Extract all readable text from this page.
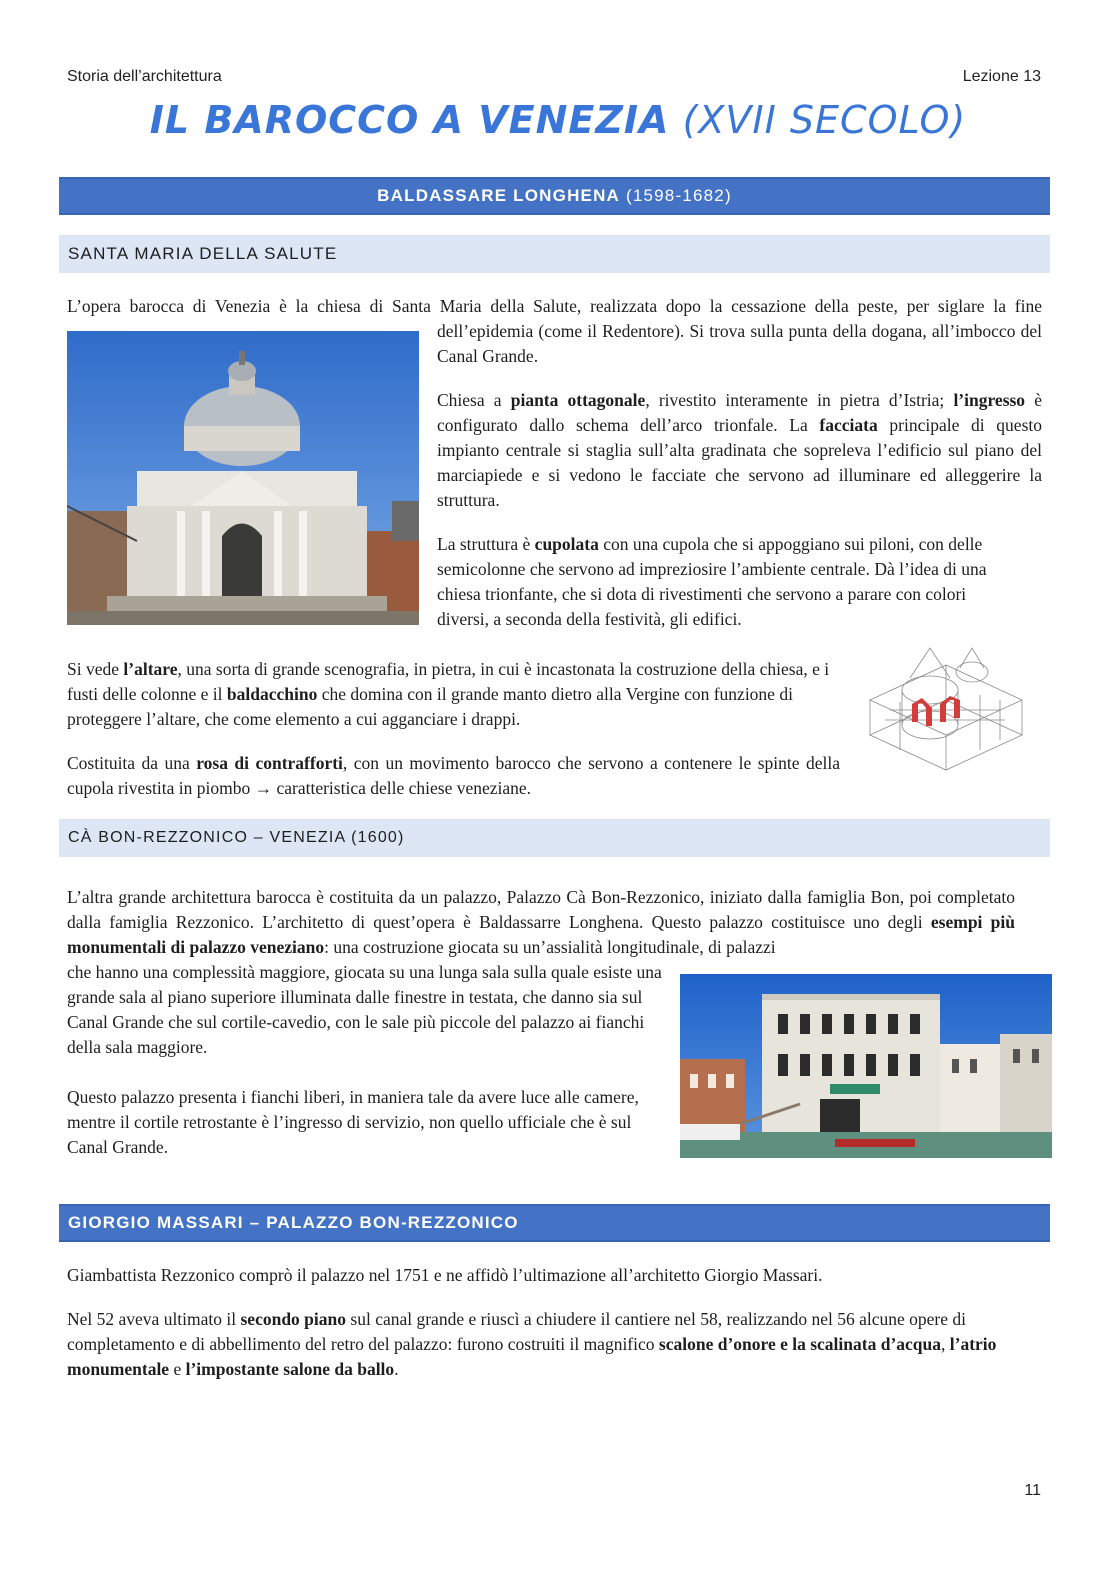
Storia dell’architettura	Lezione 13
IL BAROCCO A VENEZIA (XVII SECOLO)
BALDASSARE LONGHENA (1598-1682)
SANTA MARIA DELLA SALUTE
L’opera barocca di Venezia è la chiesa di Santa Maria della Salute, realizzata dopo la cessazione della peste, per siglare la fine
dell’epidemia (come il Redentore). Si trova sulla punta della dogana, all’imbocco del Canal Grande.
Chiesa a pianta ottagonale, rivestito interamente in pietra d’Istria; l’ingresso è configurato dallo schema dell’arco trionfale. La facciata principale di questo impianto centrale si staglia sull’alta gradinata che sopreleva l’edificio sul piano del marciapiede e si vedono le facciate che servono ad illuminare ed alleggerire la struttura.
La struttura è cupolata con una cupola che si appoggiano sui piloni, con delle semicolonne che servono ad impreziosire l’ambiente centrale. Dà l’idea di una chiesa trionfante, che si dota di rivestimenti che servono a parare con colori diversi, a seconda della festività, gli edifici.
Si vede l’altare, una sorta di grande scenografia, in pietra, in cui è incastonata la costruzione della chiesa, e i fusti delle colonne e il baldacchino che domina con il grande manto dietro alla Vergine con funzione di proteggere l’altare, che come elemento a cui agganciare i drappi.
Costituita da una rosa di contrafforti, con un movimento barocco che servono a contenere le spinte della cupola rivestita in piombo → caratteristica delle chiese veneziane.
CÀ BON-REZZONICO – VENEZIA (1600)
L’altra grande architettura barocca è costituita da un palazzo, Palazzo Cà Bon-Rezzonico, iniziato dalla famiglia Bon, poi completato dalla famiglia Rezzonico. L’architetto di quest’opera è Baldassarre Longhena. Questo palazzo costituisce uno degli esempi più monumentali di palazzo veneziano: una costruzione giocata su un’assialità longitudinale, di palazzi
che hanno una complessità maggiore, giocata su una lunga sala sulla quale esiste una grande sala al piano superiore illuminata dalle finestre in testata, che danno sia sul Canal Grande che sul cortile-cavedio, con le sale più piccole del palazzo ai fianchi della sala maggiore.
Questo palazzo presenta i fianchi liberi, in maniera tale da avere luce alle camere, mentre il cortile retrostante è l’ingresso di servizio, non quello ufficiale che è sul Canal Grande.
GIORGIO MASSARI – PALAZZO BON-REZZONICO
Giambattista Rezzonico comprò il palazzo nel 1751 e ne affidò l’ultimazione all’architetto Giorgio Massari.
Nel 52 aveva ultimato il secondo piano sul canal grande e riuscì a chiudere il cantiere nel 58, realizzando nel 56 alcune opere di completamento e di abbellimento del retro del palazzo: furono costruiti il magnifico scalone d’onore e la scalinata d’acqua, l’atrio monumentale e l’impostante salone da ballo.
11
